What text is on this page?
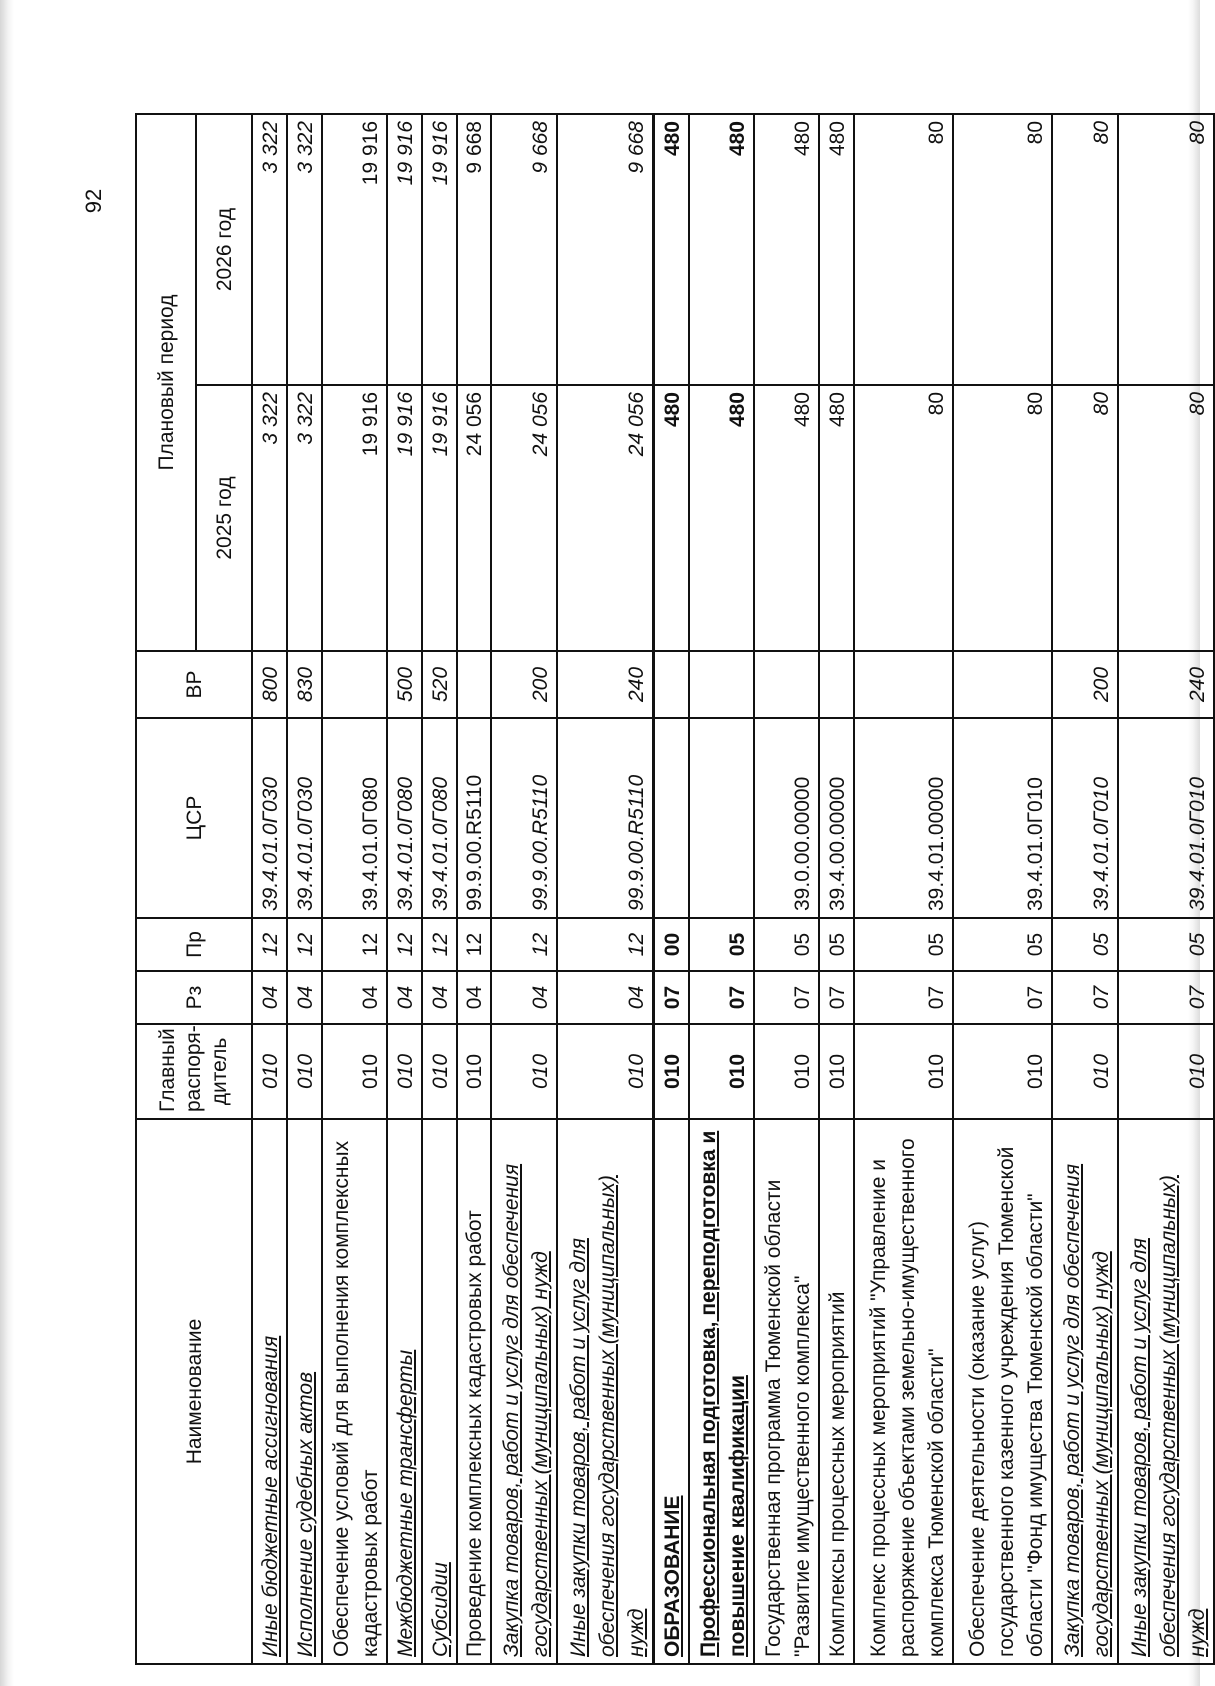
92
Наименование	Главный распоря- дитель	Рз	Пр	ЦСР	ВР	Плановый период	
						2025 год	2026 год
Иные бюджетные ассигнования	010	04	12	39.4.01.0Г030	800	3 322	3 322
Исполнение судебных актов	010	04	12	39.4.01.0Г030	830	3 322	3 322
Обеспечение условий для выполнения комплексных кадастровых работ	010	04	12	39.4.01.0Г080		19 916	19 916
Межбюджетные трансферты	010	04	12	39.4.01.0Г080	500	19 916	19 916
Субсидии	010	04	12	39.4.01.0Г080	520	19 916	19 916
Проведение комплексных кадастровых работ	010	04	12	99.9.00.R5110		24 056	9 668
Закупка товаров, работ и услуг для обеспечения государственных (муниципальных) нужд	010	04	12	99.9.00.R5110	200	24 056	9 668
Иные закупки товаров, работ и услуг для обеспечения государственных (муниципальных) нужд	010	04	12	99.9.00.R5110	240	24 056	9 668
ОБРАЗОВАНИЕ	010	07	00			480	480
Профессиональная подготовка, переподготовка и повышение квалификации	010	07	05			480	480
Государственная программа Тюменской области "Развитие имущественного комплекса"	010	07	05	39.0.00.00000		480	480
Комплексы процессных мероприятий	010	07	05	39.4.00.00000		480	480
Комплекс процессных мероприятий "Управление и распоряжение объектами земельно-имущественного комплекса Тюменской области"	010	07	05	39.4.01.00000		80	80
Обеспечение деятельности (оказание услуг) государственного казенного учреждения Тюменской области "Фонд имущества Тюменской области"	010	07	05	39.4.01.0Г010		80	80
Закупка товаров, работ и услуг для обеспечения государственных (муниципальных) нужд	010	07	05	39.4.01.0Г010	200	80	80
Иные закупки товаров, работ и услуг для обеспечения государственных (муниципальных) нужд	010	07	05	39.4.01.0Г010	240	80	80
